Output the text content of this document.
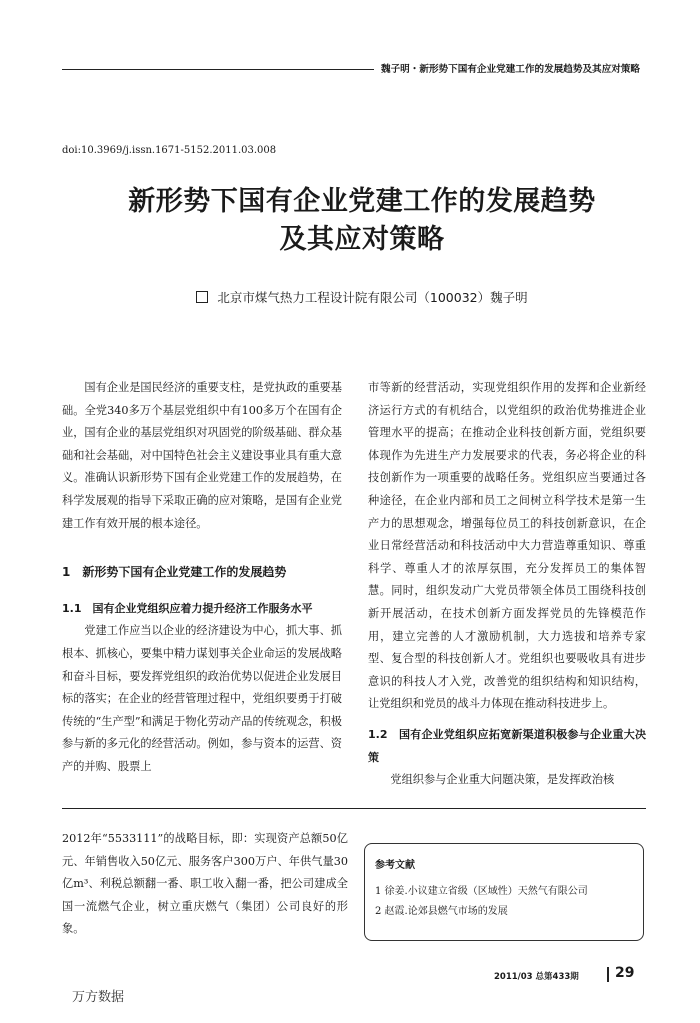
魏子明・新形势下国有企业党建工作的发展趋势及其应对策略
doi:10.3969/j.issn.1671-5152.2011.03.008
新形势下国有企业党建工作的发展趋势
及其应对策略
北京市煤气热力工程设计院有限公司（100032）魏子明

国有企业是国民经济的重要支柱，是党执政的重要基础。全党340多万个基层党组织中有100多万个在国有企业，国有企业的基层党组织对巩固党的阶级基础、群众基础和社会基础，对中国特色社会主义建设事业具有重大意义。准确认识新形势下国有企业党建工作的发展趋势，在科学发展观的指导下采取正确的应对策略，是国有企业党建工作有效开展的根本途径。

1　新形势下国有企业党建工作的发展趋势
1.1　国有企业党组织应着力提升经济工作服务水平

党建工作应当以企业的经济建设为中心，抓大事、抓根本、抓核心，要集中精力谋划事关企业命运的发展战略和奋斗目标，要发挥党组织的政治优势以促进企业发展目标的落实；在企业的经营管理过程中，党组织要勇于打破传统的“生产型”和满足于物化劳动产品的传统观念，积极参与新的多元化的经营活动。例如，参与资本的运营、资产的并购、股票上

市等新的经营活动，实现党组织作用的发挥和企业新经济运行方式的有机结合，以党组织的政治优势推进企业管理水平的提高；在推动企业科技创新方面，党组织要体现作为先进生产力发展要求的代表，务必将企业的科技创新作为一项重要的战略任务。党组织应当要通过各种途径，在企业内部和员工之间树立科学技术是第一生产力的思想观念，增强每位员工的科技创新意识，在企业日常经营活动和科技活动中大力营造尊重知识、尊重科学、尊重人才的浓厚氛围，充分发挥员工的集体智慧。同时，组织发动广大党员带领全体员工围绕科技创新开展活动，在技术创新方面发挥党员的先锋模范作用，建立完善的人才激励机制，大力选拔和培养专家型、复合型的科技创新人才。党组织也要吸收具有进步意识的科技人才入党，改善党的组织结构和知识结构，让党组织和党员的战斗力体现在推动科技进步上。

1.2　国有企业党组织应拓宽新渠道积极参与企业重大决策

党组织参与企业重大问题决策，是发挥政治核

2012年“5533111”的战略目标，即：实现资产总额50亿元、年销售收入50亿元、服务客户300万户、年供气量30亿m³、利税总额翻一番、职工收入翻一番，把公司建成全国一流燃气企业，树立重庆燃气（集团）公司良好的形象。

参考文献
1 徐姜.小议建立省级（区域性）天然气有限公司
2 赵霞.论郊县燃气市场的发展
2011/03 总第433期	29
万方数据
